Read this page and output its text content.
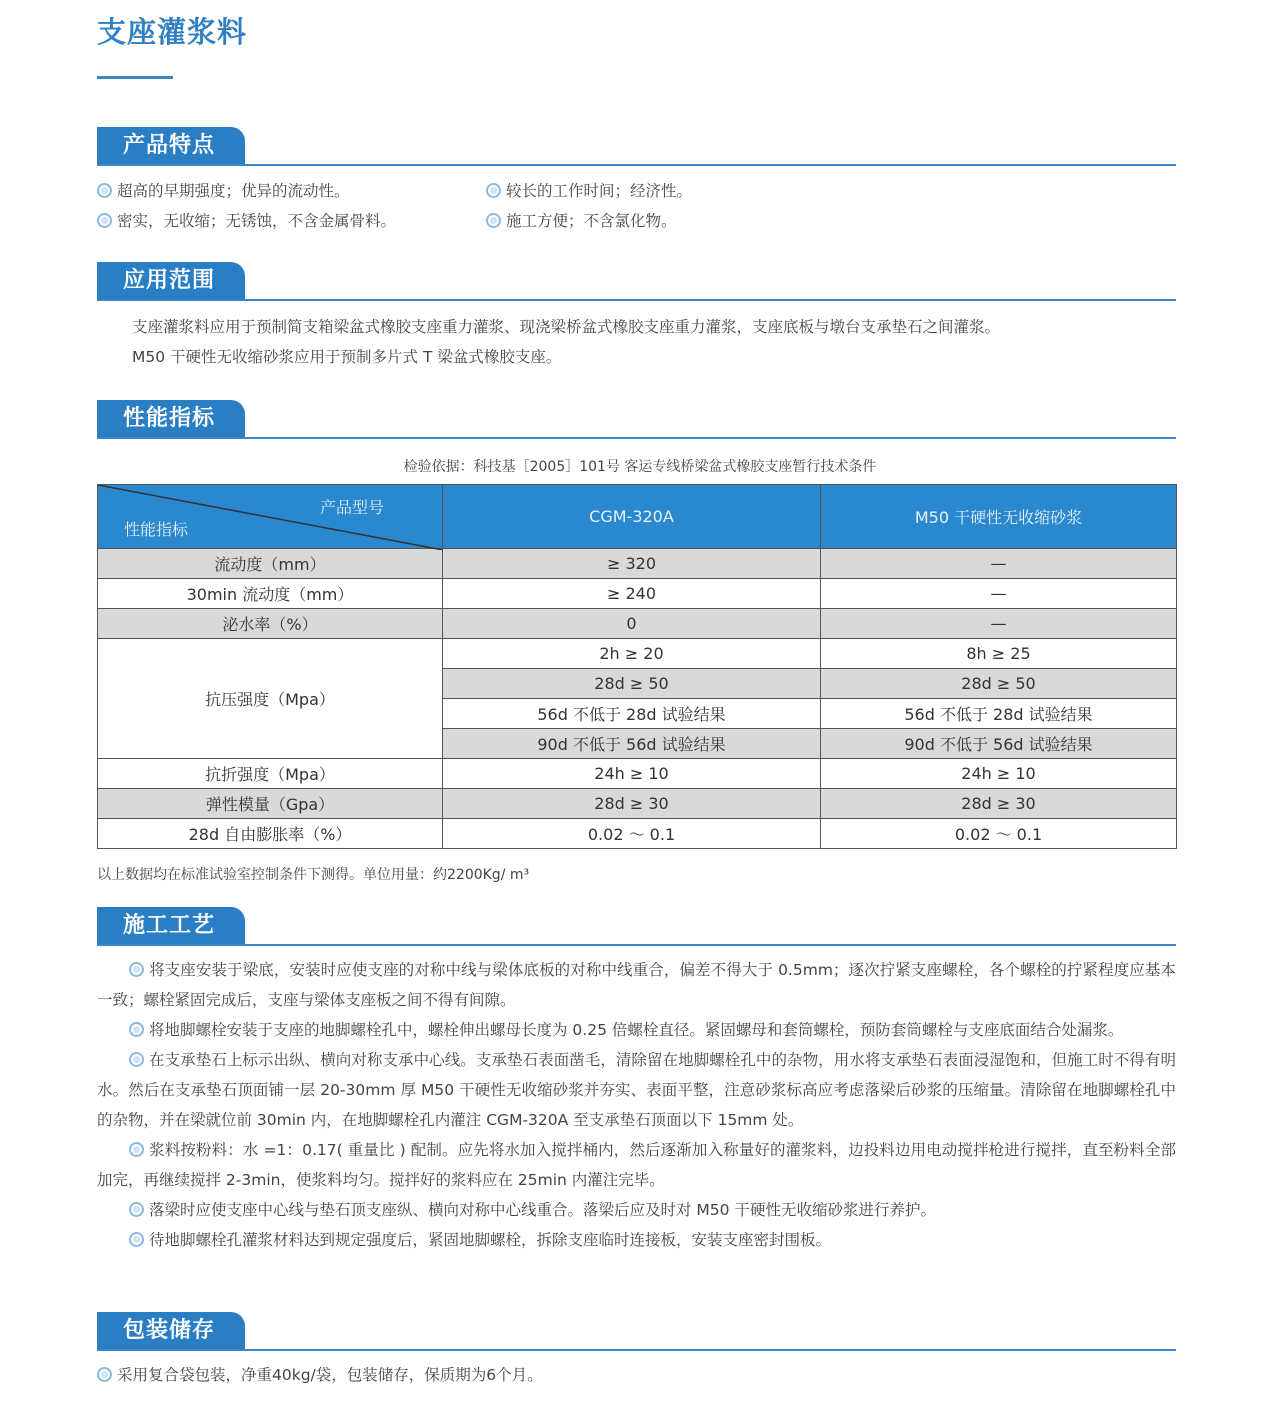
支座灌浆料
产品特点
超高的早期强度；优异的流动性。	较长的工作时间；经济性。
密实，无收缩；无锈蚀，不含金属骨料。	施工方便；不含氯化物。
应用范围
支座灌浆料应用于预制简支箱梁盆式橡胶支座重力灌浆、现浇梁桥盆式橡胶支座重力灌浆，支座底板与墩台支承垫石之间灌浆。
M50 干硬性无收缩砂浆应用于预制多片式 T 梁盆式橡胶支座。
性能指标
检验依据：科技基［2005］101号 客运专线桥梁盆式橡胶支座暂行技术条件
产品型号
性能指标	CGM-320A	M50 干硬性无收缩砂浆
流动度（mm）	≥ 320	—
30min 流动度（mm）	≥ 240	—
泌水率（%）	0	—
抗压强度（Mpa）	2h ≥ 20	8h ≥ 25
	28d ≥ 50	28d ≥ 50
	56d 不低于 28d 试验结果	56d 不低于 28d 试验结果
	90d 不低于 56d 试验结果	90d 不低于 56d 试验结果
抗折强度（Mpa）	24h ≥ 10	24h ≥ 10
弹性模量（Gpa）	28d ≥ 30	28d ≥ 30
28d 自由膨胀率（%）	0.02 ～ 0.1	0.02 ～ 0.1
以上数据均在标准试验室控制条件下测得。单位用量：约2200Kg/ m³
施工工艺
将支座安装于梁底，安装时应使支座的对称中线与梁体底板的对称中线重合，偏差不得大于 0.5mm；逐次拧紧支座螺栓，各个螺栓的拧紧程度应基本一致；螺栓紧固完成后，支座与梁体支座板之间不得有间隙。
将地脚螺栓安装于支座的地脚螺栓孔中，螺栓伸出螺母长度为 0.25 倍螺栓直径。紧固螺母和套筒螺栓，预防套筒螺栓与支座底面结合处漏浆。
在支承垫石上标示出纵、横向对称支承中心线。支承垫石表面凿毛，清除留在地脚螺栓孔中的杂物，用水将支承垫石表面浸湿饱和，但施工时不得有明水。然后在支承垫石顶面铺一层 20-30mm 厚 M50 干硬性无收缩砂浆并夯实、表面平整，注意砂浆标高应考虑落梁后砂浆的压缩量。清除留在地脚螺栓孔中的杂物，并在梁就位前 30min 内，在地脚螺栓孔内灌注 CGM-320A 至支承垫石顶面以下 15mm 处。
浆料按粉料：水 =1：0.17( 重量比 ) 配制。应先将水加入搅拌桶内，然后逐渐加入称量好的灌浆料，边投料边用电动搅拌枪进行搅拌，直至粉料全部加完，再继续搅拌 2-3min，使浆料均匀。搅拌好的浆料应在 25min 内灌注完毕。
落梁时应使支座中心线与垫石顶支座纵、横向对称中心线重合。落梁后应及时对 M50 干硬性无收缩砂浆进行养护。
待地脚螺栓孔灌浆材料达到规定强度后，紧固地脚螺栓，拆除支座临时连接板，安装支座密封围板。
包装储存
采用复合袋包装，净重40kg/袋，包装储存，保质期为6个月。
